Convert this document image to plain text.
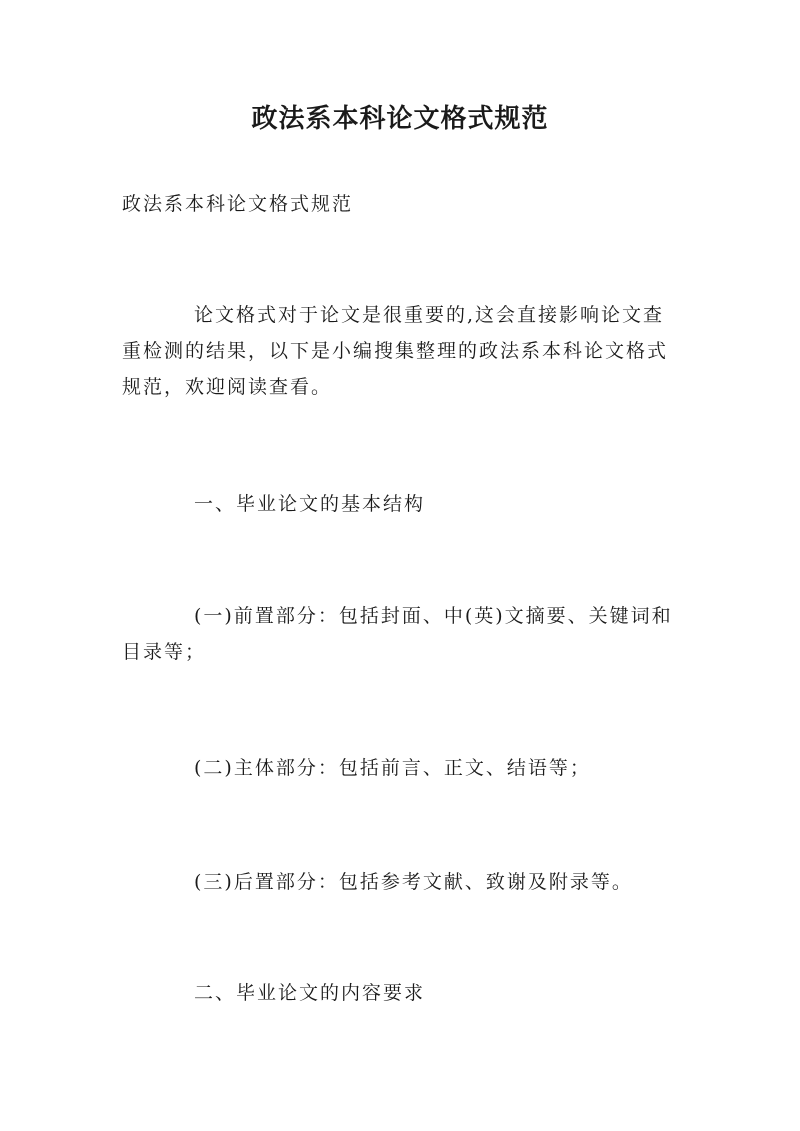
政法系本科论文格式规范

政法系本科论文格式规范

论文格式对于论文是很重要的,这会直接影响论文查重检测的结果，以下是小编搜集整理的政法系本科论文格式规范，欢迎阅读查看。

一、毕业论文的基本结构

(一)前置部分：包括封面、中(英)文摘要、关键词和目录等；

(二)主体部分：包括前言、正文、结语等；

(三)后置部分：包括参考文献、致谢及附录等。

二、毕业论文的内容要求
